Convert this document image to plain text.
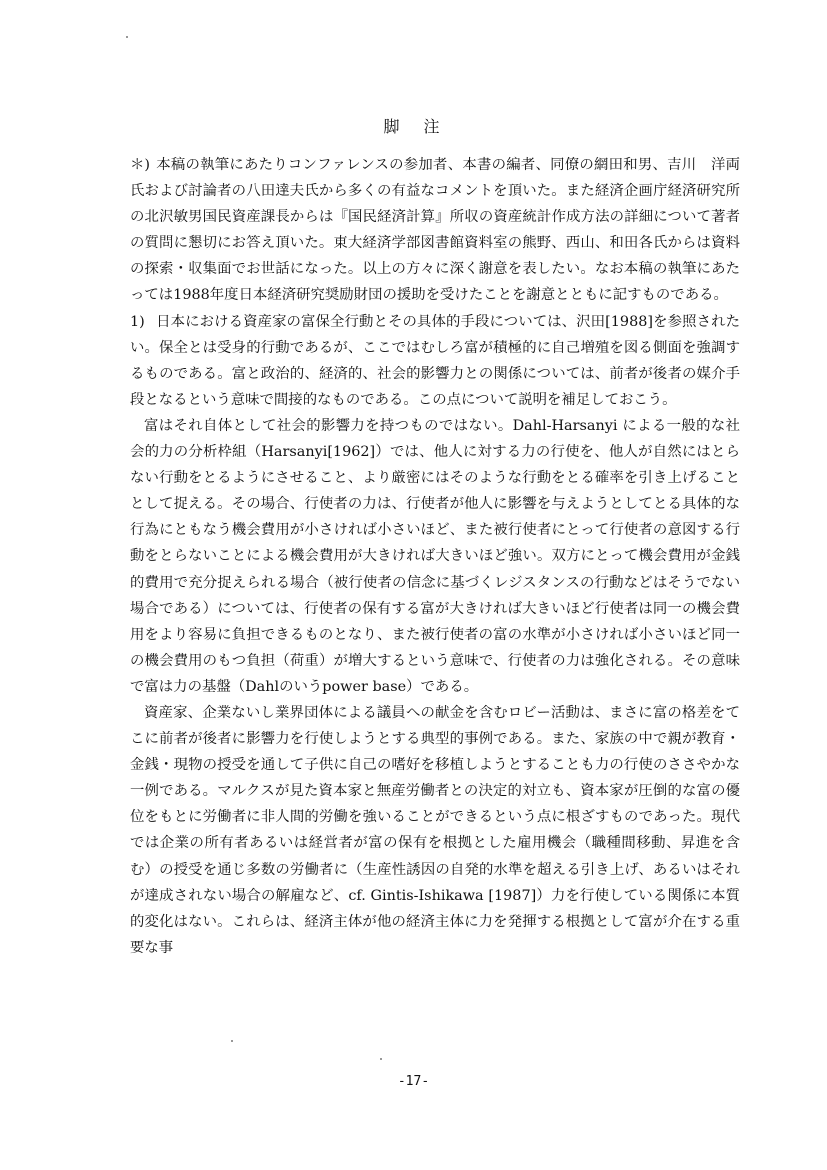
脚　注

＊) 本稿の執筆にあたりコンファレンスの参加者、本書の編者、同僚の網田和男、吉川　洋両氏および討論者の八田達夫氏から多くの有益なコメントを頂いた。また経済企画庁経済研究所の北沢敏男国民資産課長からは『国民経済計算』所収の資産統計作成方法の詳細について著者の質問に懇切にお答え頂いた。東大経済学部図書館資料室の熊野、西山、和田各氏からは資料の探索・収集面でお世話になった。以上の方々に深く謝意を表したい。なお本稿の執筆にあたっては1988年度日本経済研究奨励財団の援助を受けたことを謝意とともに記すものである。

1) 日本における資産家の富保全行動とその具体的手段については、沢田[1988]を参照されたい。保全とは受身的行動であるが、ここではむしろ富が積極的に自己増殖を図る側面を強調するものである。富と政治的、経済的、社会的影響力との関係については、前者が後者の媒介手段となるという意味で間接的なものである。この点について説明を補足しておこう。

富はそれ自体として社会的影響力を持つものではない。Dahl-Harsanyi による一般的な社会的力の分析枠組（Harsanyi[1962]）では、他人に対する力の行使を、他人が自然にはとらない行動をとるようにさせること、より厳密にはそのような行動をとる確率を引き上げることとして捉える。その場合、行使者の力は、行使者が他人に影響を与えようとしてとる具体的な行為にともなう機会費用が小さければ小さいほど、また被行使者にとって行使者の意図する行動をとらないことによる機会費用が大きければ大きいほど強い。双方にとって機会費用が金銭的費用で充分捉えられる場合（被行使者の信念に基づくレジスタンスの行動などはそうでない場合である）については、行使者の保有する富が大きければ大きいほど行使者は同一の機会費用をより容易に負担できるものとなり、また被行使者の富の水準が小さければ小さいほど同一の機会費用のもつ負担（荷重）が増大するという意味で、行使者の力は強化される。その意味で富は力の基盤（Dahlのいうpower base）である。

資産家、企業ないし業界団体による議員への献金を含むロビー活動は、まさに富の格差をてこに前者が後者に影響力を行使しようとする典型的事例である。また、家族の中で親が教育・金銭・現物の授受を通して子供に自己の嗜好を移植しようとすることも力の行使のささやかな一例である。マルクスが見た資本家と無産労働者との決定的対立も、資本家が圧倒的な富の優位をもとに労働者に非人間的労働を強いることができるという点に根ざすものであった。現代では企業の所有者あるいは経営者が富の保有を根拠とした雇用機会（職種間移動、昇進を含む）の授受を通じ多数の労働者に（生産性誘因の自発的水準を超える引き上げ、あるいはそれが達成されない場合の解雇など、cf. Gintis-Ishikawa [1987]）力を行使している関係に本質的変化はない。これらは、経済主体が他の経済主体に力を発揮する根拠として富が介在する重要な事

-17-
